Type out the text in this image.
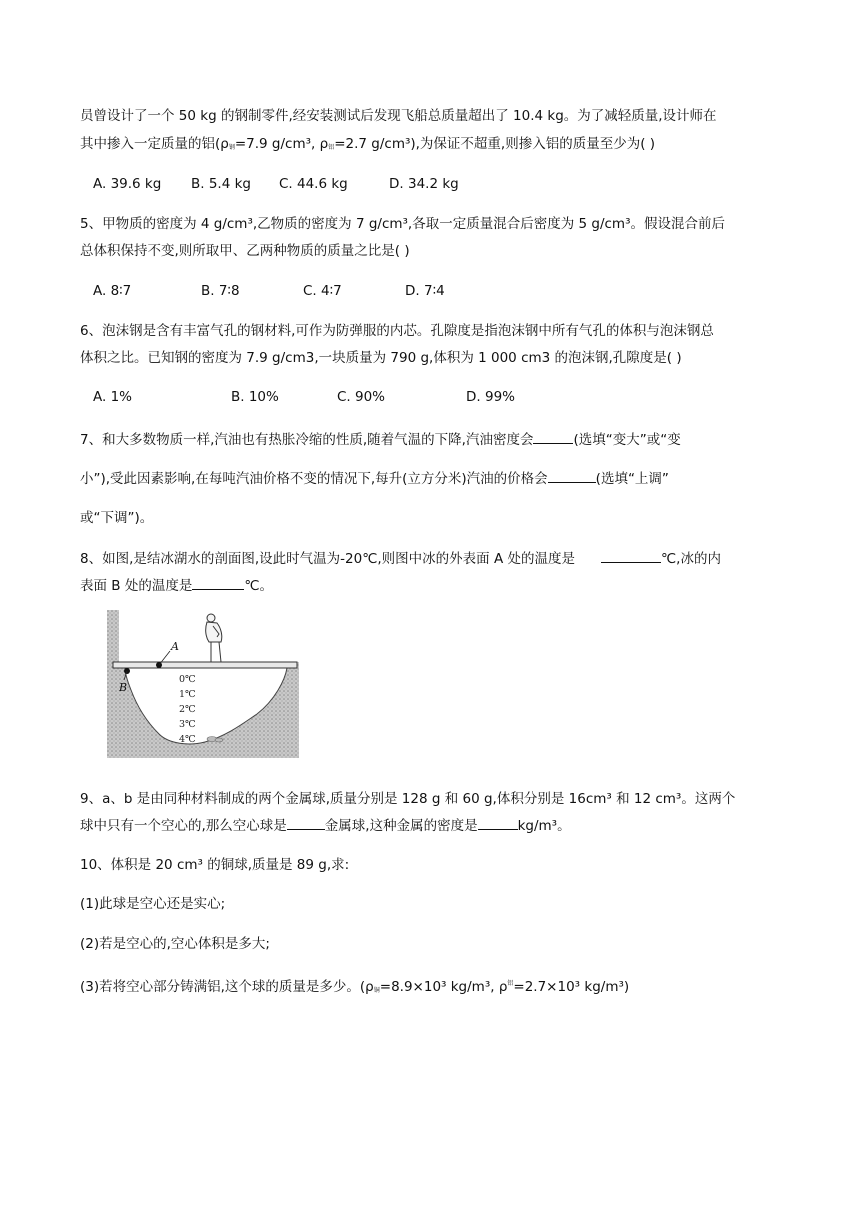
员曾设计了一个 50 kg 的钢制零件,经安装测试后发现飞船总质量超出了 10.4 kg。为了减轻质量,设计师在
其中掺入一定质量的铝($\rho_钢=7.9$ g/cm³, $\rho_铝=2.7$ g/cm³),为保证不超重,则掺入铝的质量至少为( )
A. 39.6 kg B. 5.4 kg C. 44.6 kg	D. 34.2 kg
5、甲物质的密度为 4 g/cm³,乙物质的密度为 7 g/cm³,各取一定质量混合后密度为 5 g/cm³。假设混合前后
总体积保持不变,则所取甲、乙两种物质的质量之比是( )
A. 8∶7	B. 7∶8	C. 4∶7	D. 7∶4
6、泡沫钢是含有丰富气孔的钢材料,可作为防弹服的内芯。孔隙度是指泡沫钢中所有气孔的体积与泡沫钢总
体积之比。已知钢的密度为 7.9 g/cm3,一块质量为 790 g,体积为 1 000 cm3 的泡沫钢,孔隙度是( )
A. 1%	B. 10%	C. 90%	D. 99%
7、和大多数物质一样,汽油也有热胀冷缩的性质,随着气温的下降,汽油密度会	(选填“变大”或“变
小”),受此因素影响,在每吨汽油价格不变的情况下,每升(立方分米)汽油的价格会	(选填“上调”
或“下调”)。
8、如图,是结冰湖水的剖面图,设此时气温为-20℃,则图中冰的外表面 A 处的温度是	℃,冰的内
表面 B 处的温度是	℃。
A
B
0℃
1℃
2℃
3℃
4℃
9、a、b 是由同种材料制成的两个金属球,质量分别是 128 g 和 60 g,体积分别是 16cm³ 和 12 cm³。这两个
球中只有一个空心的,那么空心球是	金属球,这种金属的密度是	kg/m³。
10、体积是 20 cm³ 的铜球,质量是 89 g,求:
(1)此球是空心还是实心;
(2)若是空心的,空心体积是多大;
(3)若将空心部分铸满铝,这个球的质量是多少。($\rho_铜=8.9\times 10^3$ kg/m³, $\rho^铝=2.7\times 10^3$ kg/m³)
